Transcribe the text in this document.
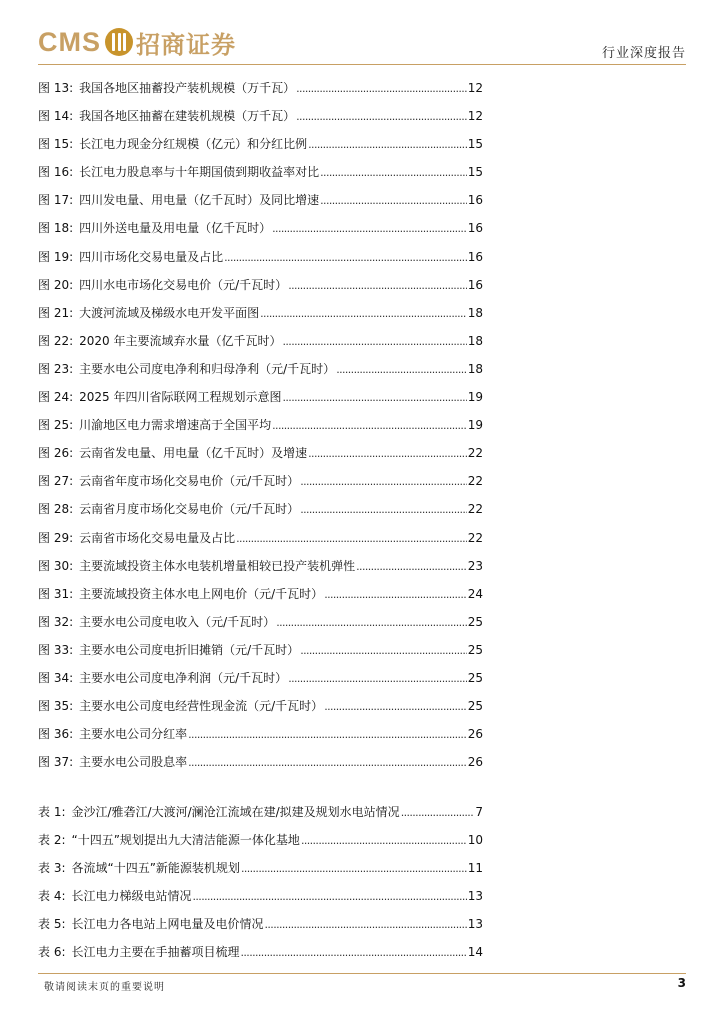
CMS 招商证券	行业深度报告
图 13: 我国各地区抽蓄投产装机规模（万千瓦） .....	12
图 14: 我国各地区抽蓄在建装机规模（万千瓦） .....	12
图 15: 长江电力现金分红规模（亿元）和分红比例 .....	15
图 16: 长江电力股息率与十年期国债到期收益率对比 .....	15
图 17: 四川发电量、用电量（亿千瓦时）及同比增速 .....	16
图 18: 四川外送电量及用电量（亿千瓦时） .....	16
图 19: 四川市场化交易电量及占比 .....	16
图 20: 四川水电市场化交易电价（元/千瓦时） .....	16
图 21: 大渡河流域及梯级水电开发平面图 .....	18
图 22: 2020 年主要流域弃水量（亿千瓦时） .....	18
图 23: 主要水电公司度电净利和归母净利（元/千瓦时） .....	18
图 24: 2025 年四川省际联网工程规划示意图 .....	19
图 25: 川渝地区电力需求增速高于全国平均 .....	19
图 26: 云南省发电量、用电量（亿千瓦时）及增速 .....	22
图 27: 云南省年度市场化交易电价（元/千瓦时） .....	22
图 28: 云南省月度市场化交易电价（元/千瓦时） .....	22
图 29: 云南省市场化交易电量及占比 .....	22
图 30: 主要流域投资主体水电装机增量相较已投产装机弹性 .....	23
图 31: 主要流域投资主体水电上网电价（元/千瓦时） .....	24
图 32: 主要水电公司度电收入（元/千瓦时） .....	25
图 33: 主要水电公司度电折旧摊销（元/千瓦时） .....	25
图 34: 主要水电公司度电净利润（元/千瓦时） .....	25
图 35: 主要水电公司度电经营性现金流（元/千瓦时） .....	25
图 36: 主要水电公司分红率 .....	26
图 37: 主要水电公司股息率 .....	26
表 1: 金沙江/雅砻江/大渡河/澜沧江流域在建/拟建及规划水电站情况 .....	7
表 2: “十四五”规划提出九大清洁能源一体化基地 .....	10
表 3: 各流域“十四五”新能源装机规划 .....	11
表 4: 长江电力梯级电站情况 .....	13
表 5: 长江电力各电站上网电量及电价情况 .....	13
表 6: 长江电力主要在手抽蓄项目梳理 .....	14
敬请阅读末页的重要说明	3
